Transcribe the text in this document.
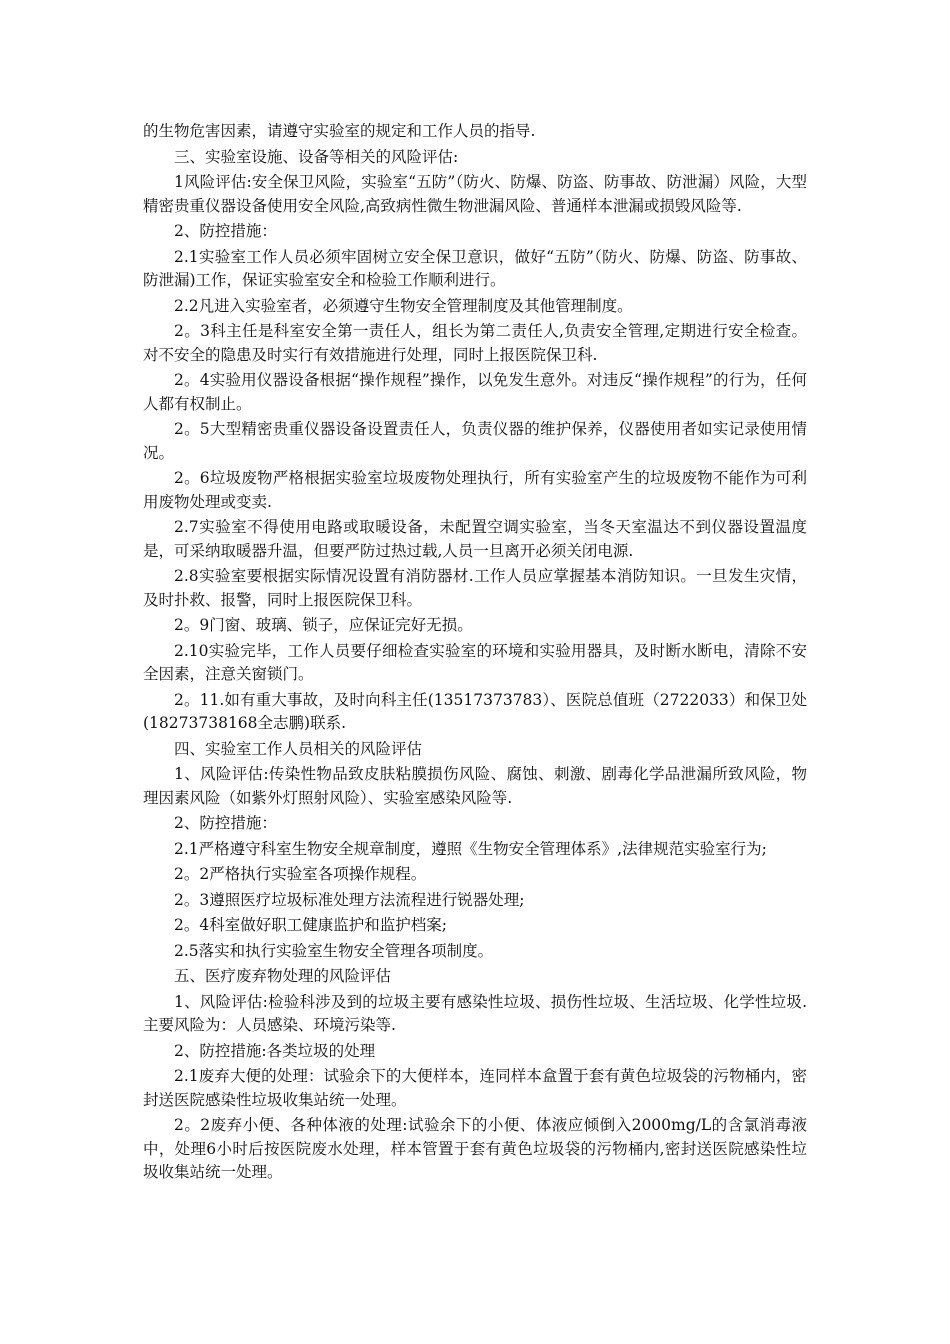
的生物危害因素，请遵守实验室的规定和工作人员的指导.

三、实验室设施、设备等相关的风险评估:

1风险评估:安全保卫风险，实验室“五防”（防火、防爆、防盗、防事故、防泄漏）风险，大型精密贵重仪器设备使用安全风险,高致病性微生物泄漏风险、普通样本泄漏或损毁风险等.

2、防控措施：

2.1实验室工作人员必须牢固树立安全保卫意识，做好“五防”（防火、防爆、防盗、防事故、防泄漏)工作，保证实验室安全和检验工作顺利进行。

2.2凡进入实验室者，必须遵守生物安全管理制度及其他管理制度。

2。3科主任是科室安全第一责任人，组长为第二责任人,负责安全管理,定期进行安全检查。对不安全的隐患及时实行有效措施进行处理，同时上报医院保卫科.

2。4实验用仪器设备根据“操作规程”操作，以免发生意外。对违反“操作规程”的行为，任何人都有权制止。

2。5大型精密贵重仪器设备设置责任人，负责仪器的维护保养，仪器使用者如实记录使用情况。

2。6垃圾废物严格根据实验室垃圾废物处理执行，所有实验室产生的垃圾废物不能作为可利用废物处理或变卖.

2.7实验室不得使用电路或取暖设备，未配置空调实验室，当冬天室温达不到仪器设置温度是，可采纳取暖器升温，但要严防过热过载,人员一旦离开必须关闭电源.

2.8实验室要根据实际情况设置有消防器材.工作人员应掌握基本消防知识。一旦发生灾情，及时扑救、报警，同时上报医院保卫科。

2。9门窗、玻璃、锁子，应保证完好无损。

2.10实验完毕，工作人员要仔细检查实验室的环境和实验用器具，及时断水断电，清除不安全因素，注意关窗锁门。

2。11.如有重大事故，及时向科主任(13517373783）、医院总值班（2722033）和保卫处(18273738168全志鹏)联系.

四、实验室工作人员相关的风险评估

1、风险评估:传染性物品致皮肤粘膜损伤风险、腐蚀、刺激、剧毒化学品泄漏所致风险，物理因素风险（如紫外灯照射风险）、实验室感染风险等.

2、防控措施：

2.1严格遵守科室生物安全规章制度，遵照《生物安全管理体系》,法律规范实验室行为;

2。2严格执行实验室各项操作规程。

2。3遵照医疗垃圾标准处理方法流程进行锐器处理;

2。4科室做好职工健康监护和监护档案;

2.5落实和执行实验室生物安全管理各项制度。

五、医疗废弃物处理的风险评估

1、风险评估:检验科涉及到的垃圾主要有感染性垃圾、损伤性垃圾、生活垃圾、化学性垃圾.主要风险为：人员感染、环境污染等.

2、防控措施:各类垃圾的处理

2.1废弃大便的处理：试验余下的大便样本，连同样本盒置于套有黄色垃圾袋的污物桶内，密封送医院感染性垃圾收集站统一处理。

2。2废弃小便、各种体液的处理:试验余下的小便、体液应倾倒入2000mg/L的含氯消毒液中，处理6小时后按医院废水处理，样本管置于套有黄色垃圾袋的污物桶内,密封送医院感染性垃圾收集站统一处理。
